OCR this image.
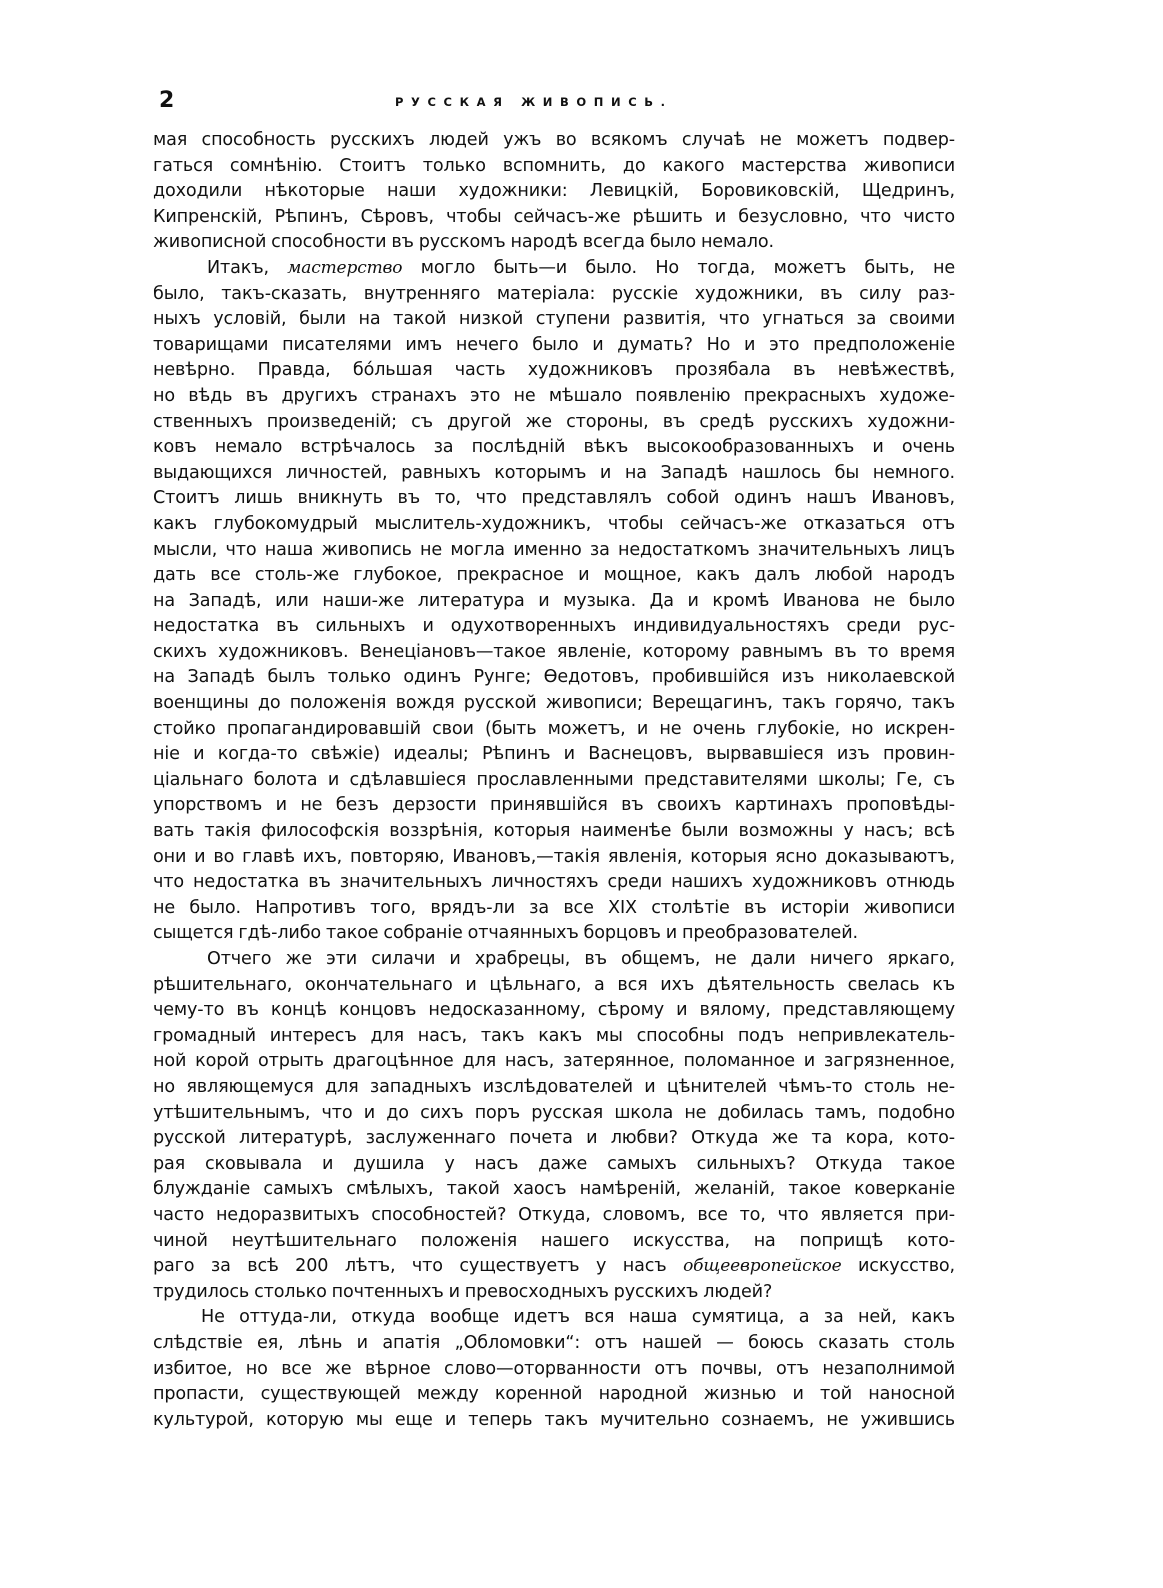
2	РУССКАЯ ЖИВОПИСЬ.
мая способность русскихъ людей ужъ во всякомъ случаѣ не можетъ подвер-
гаться сомнѣнію. Стоитъ только вспомнить, до какого мастерства живописи
доходили нѣкоторые наши художники: Левицкій, Боровиковскій, Щедринъ,
Кипренскій, Рѣпинъ, Сѣровъ, чтобы сейчасъ-же рѣшить и безусловно, что чисто
живописной способности въ русскомъ народѣ всегда было немало.
Итакъ, мастерство могло быть—и было. Но тогда, можетъ быть, не
было, такъ-сказать, внутренняго матеріала: русскіе художники, въ силу раз-
ныхъ условій, были на такой низкой ступени развитія, что угнаться за своими
товарищами писателями имъ нечего было и думать? Но и это предположеніе
невѣрно. Правда, бóльшая часть художниковъ прозябала въ невѣжествѣ,
но вѣдь въ другихъ странахъ это не мѣшало появленію прекрасныхъ художе-
ственныхъ произведеній; съ другой же стороны, въ средѣ русскихъ художни-
ковъ немало встрѣчалось за послѣдній вѣкъ высокообразованныхъ и очень
выдающихся личностей, равныхъ которымъ и на Западѣ нашлось бы немного.
Стоитъ лишь вникнуть въ то, что представлялъ собой одинъ нашъ Ивановъ,
какъ глубокомудрый мыслитель-художникъ, чтобы сейчасъ-же отказаться отъ
мысли, что наша живопись не могла именно за недостаткомъ значительныхъ лицъ
дать все столь-же глубокое, прекрасное и мощное, какъ далъ любой народъ
на Западѣ, или наши-же литература и музыка. Да и кромѣ Иванова не было
недостатка въ сильныхъ и одухотворенныхъ индивидуальностяхъ среди рус-
скихъ художниковъ. Венеціановъ—такое явленіе, которому равнымъ въ то время
на Западѣ былъ только одинъ Рунге; Ѳедотовъ, пробившійся изъ николаевской
военщины до положенія вождя русской живописи; Верещагинъ, такъ горячо, такъ
стойко пропагандировавшій свои (быть можетъ, и не очень глубокіе, но искрен-
ніе и когда-то свѣжіе) идеалы; Рѣпинъ и Васнецовъ, вырвавшіеся изъ провин-
ціальнаго болота и сдѣлавшіеся прославленными представителями школы; Ге, съ
упорствомъ и не безъ дерзости принявшійся въ своихъ картинахъ проповѣды-
вать такія философскія воззрѣнія, которыя наименѣе были возможны у насъ; всѣ
они и во главѣ ихъ, повторяю, Ивановъ,—такія явленія, которыя ясно доказываютъ,
что недостатка въ значительныхъ личностяхъ среди нашихъ художниковъ отнюдь
не было. Напротивъ того, врядъ-ли за все XIX столѣтіе въ исторіи живописи
сыщется гдѣ-либо такое собраніе отчаянныхъ борцовъ и преобразователей.
Отчего же эти силачи и храбрецы, въ общемъ, не дали ничего яркаго,
рѣшительнаго, окончательнаго и цѣльнаго, а вся ихъ дѣятельность свелась къ
чему-то въ концѣ концовъ недосказанному, сѣрому и вялому, представляющему
громадный интересъ для насъ, такъ какъ мы способны подъ непривлекатель-
ной корой отрыть драгоцѣнное для насъ, затерянное, поломанное и загрязненное,
но являющемуся для западныхъ изслѣдователей и цѣнителей чѣмъ-то столь не-
утѣшительнымъ, что и до сихъ поръ русская школа не добилась тамъ, подобно
русской литературѣ, заслуженнаго почета и любви? Откуда же та кора, кото-
рая сковывала и душила у насъ даже самыхъ сильныхъ? Откуда такое
блужданіе самыхъ смѣлыхъ, такой хаосъ намѣреній, желаній, такое коверканіе
часто недоразвитыхъ способностей? Откуда, словомъ, все то, что является при-
чиной неутѣшительнаго положенія нашего искусства, на поприщѣ кото-
раго за всѣ 200 лѣтъ, что существуетъ у насъ общеевропейское искусство,
трудилось столько почтенныхъ и превосходныхъ русскихъ людей?
Не оттуда-ли, откуда вообще идетъ вся наша сумятица, а за ней, какъ
слѣдствіе ея, лѣнь и апатія „Обломовки“: отъ нашей — боюсь сказать столь
избитое, но все же вѣрное слово—оторванности отъ почвы, отъ незаполнимой
пропасти, существующей между коренной народной жизнью и той наносной
культурой, которую мы еще и теперь такъ мучительно сознаемъ, не ужившись
